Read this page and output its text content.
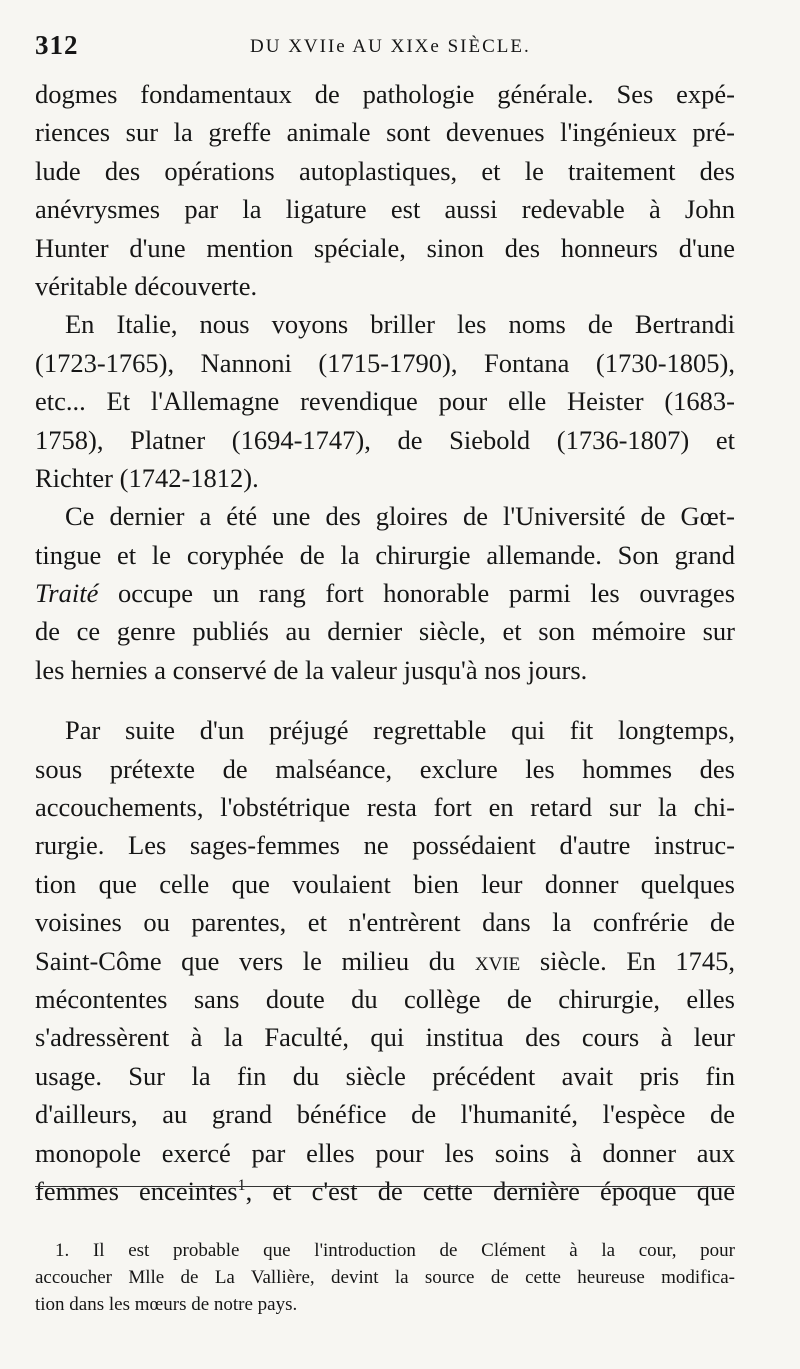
312	DU XVIIe AU XIXe SIÈCLE.
dogmes fondamentaux de pathologie générale. Ses expé-
riences sur la greffe animale sont devenues l'ingénieux pré-
lude des opérations autoplastiques, et le traitement des
anévrysmes par la ligature est aussi redevable à John
Hunter d'une mention spéciale, sinon des honneurs d'une
véritable découverte.
En Italie, nous voyons briller les noms de Bertrandi
(1723-1765), Nannoni (1715-1790), Fontana (1730-1805),
etc... Et l'Allemagne revendique pour elle Heister (1683-
1758), Platner (1694-1747), de Siebold (1736-1807) et
Richter (1742-1812).
Ce dernier a été une des gloires de l'Université de Gœt-
tingue et le coryphée de la chirurgie allemande. Son grand
Traité occupe un rang fort honorable parmi les ouvrages
de ce genre publiés au dernier siècle, et son mémoire sur
les hernies a conservé de la valeur jusqu'à nos jours.
Par suite d'un préjugé regrettable qui fit longtemps,
sous prétexte de malséance, exclure les hommes des
accouchements, l'obstétrique resta fort en retard sur la chi-
rurgie. Les sages-femmes ne possédaient d'autre instruc-
tion que celle que voulaient bien leur donner quelques
voisines ou parentes, et n'entrèrent dans la confrérie de
Saint-Côme que vers le milieu du xvie siècle. En 1745,
mécontentes sans doute du collège de chirurgie, elles
s'adressèrent à la Faculté, qui institua des cours à leur
usage. Sur la fin du siècle précédent avait pris fin
d'ailleurs, au grand bénéfice de l'humanité, l'espèce de
monopole exercé par elles pour les soins à donner aux
femmes enceintes$^1$, et c'est de cette dernière époque que
1. Il est probable que l'introduction de Clément à la cour, pour
accoucher Mlle de La Vallière, devint la source de cette heureuse modifica-
tion dans les mœurs de notre pays.
